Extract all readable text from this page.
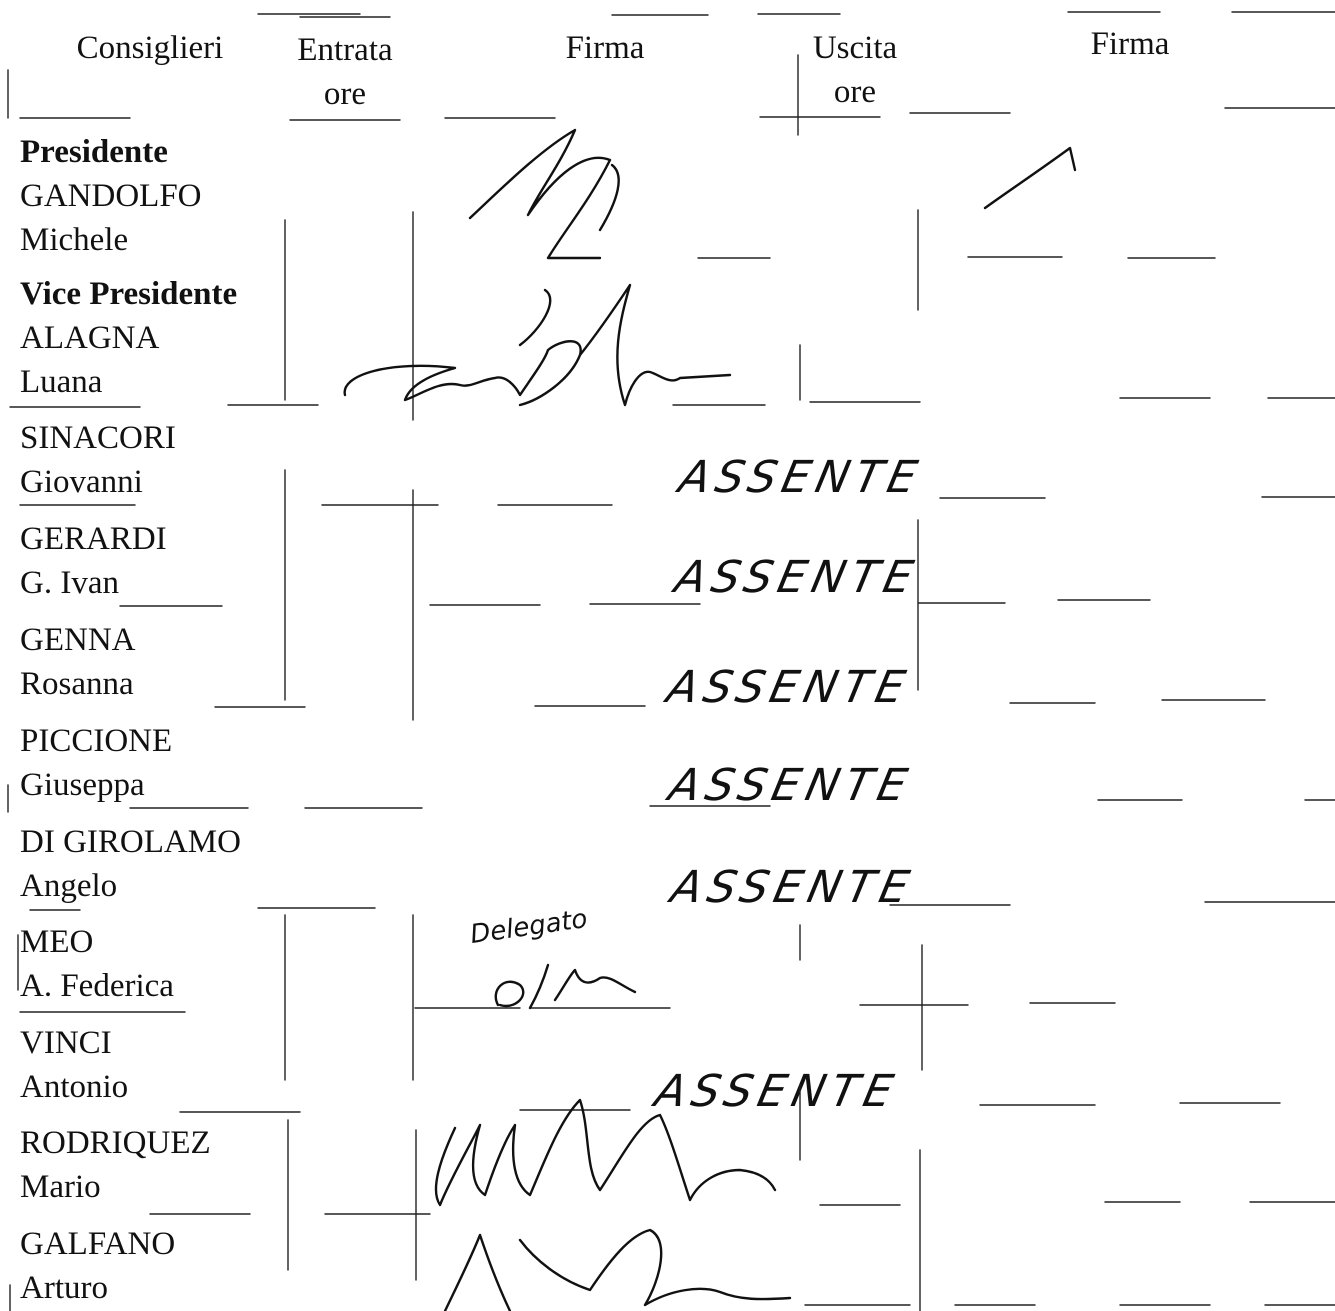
Consiglieri	Entrata
ore
Firma	Uscita
ore
Firma
Presidente
GANDOLFO
Michele
Vice Presidente
ALAGNA
Luana
SINACORI
Giovanni
GERARDI
G. Ivan
GENNA
Rosanna
PICCIONE
Giuseppa
DI GIROLAMO
Angelo
MEO
A. Federica
VINCI
Antonio
RODRIQUEZ
Mario
GALFANO
Arturo
ASSENTE
ASSENTE
ASSENTE
ASSENTE
ASSENTE
ASSENTE
Delegato
